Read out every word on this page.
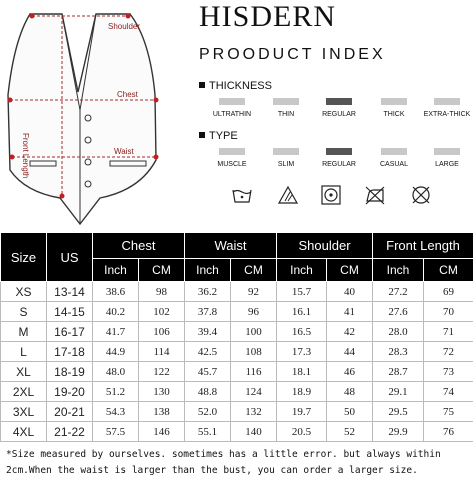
HISDERN
PROODUCT INDEX
Shoulder
Chest
Waist
Front Length
THICKNESS
ULTRATHIN	THIN	REGULAR	THICK	EXTRA-THICK
TYPE
MUSCLE	SLIM	REGULAR	CASUAL	LARGE
Size	US	Chest		Waist		Shoulder		Front Length	
		Inch	CM	Inch	CM	Inch	CM	Inch	CM
XS	13-14	38.6	98	36.2	92	15.7	40	27.2	69
S	14-15	40.2	102	37.8	96	16.1	41	27.6	70
M	16-17	41.7	106	39.4	100	16.5	42	28.0	71
L	17-18	44.9	114	42.5	108	17.3	44	28.3	72
XL	18-19	48.0	122	45.7	116	18.1	46	28.7	73
2XL	19-20	51.2	130	48.8	124	18.9	48	29.1	74
3XL	20-21	54.3	138	52.0	132	19.7	50	29.5	75
4XL	21-22	57.5	146	55.1	140	20.5	52	29.9	76
*Size measured by ourselves. sometimes has a little error. but always within
2cm.When the waist is larger than the bust, you can order a larger size.
